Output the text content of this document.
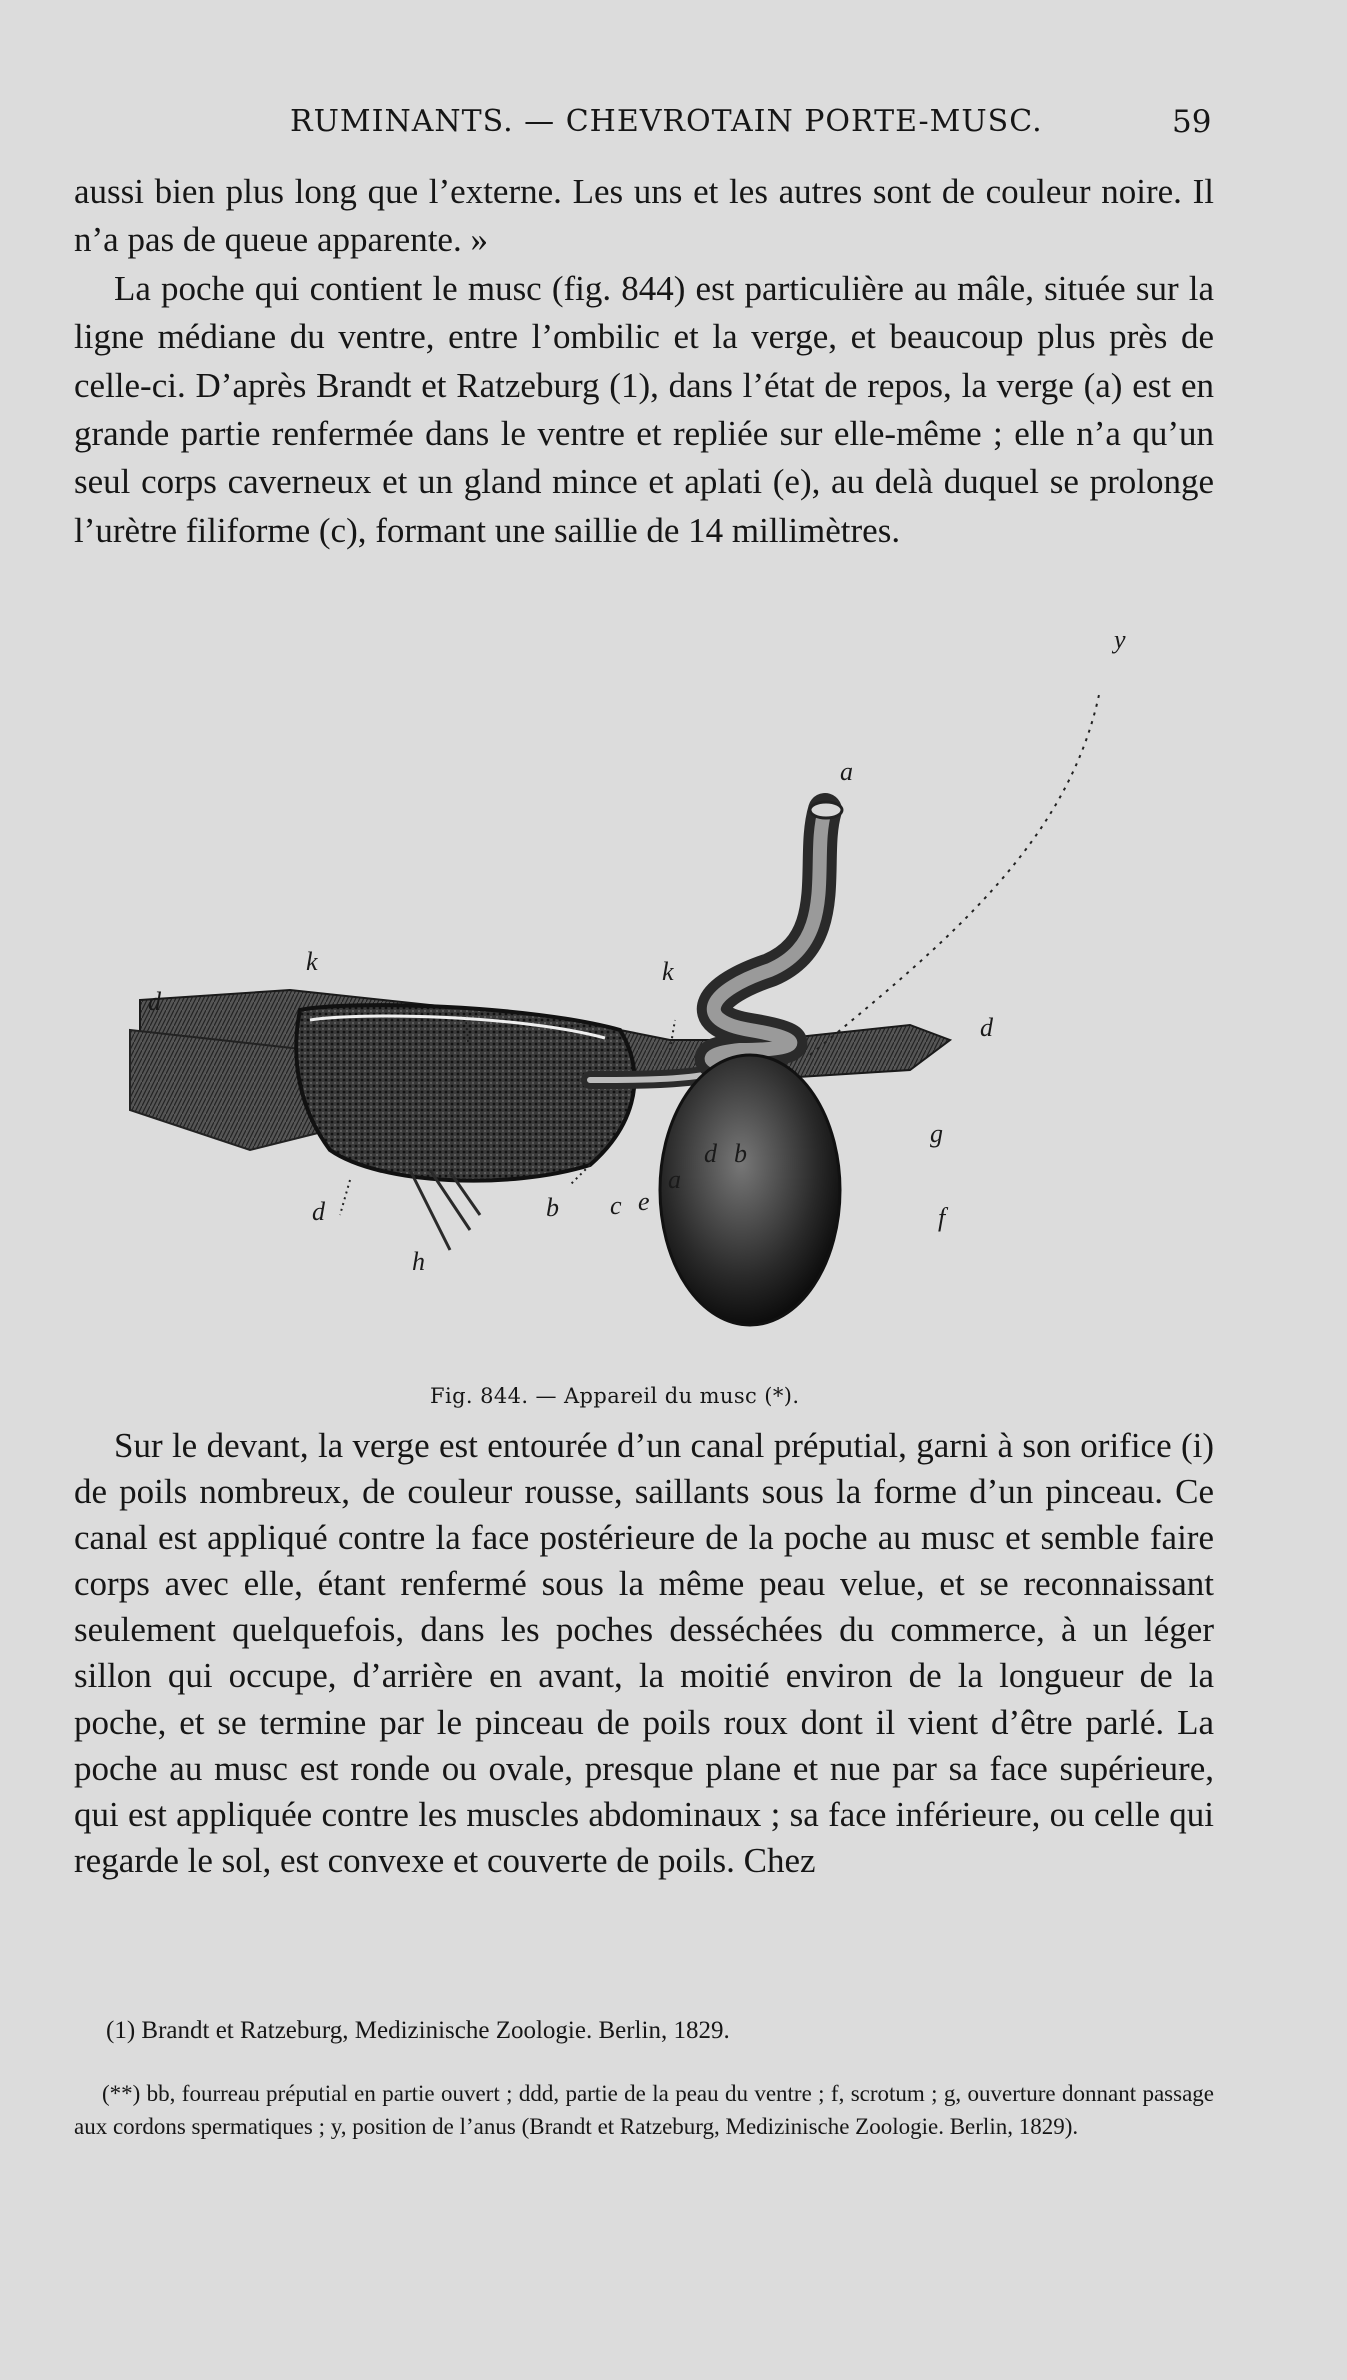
RUMINANTS. — CHEVROTAIN PORTE-MUSC.	59

aussi bien plus long que l’externe. Les uns et les autres sont de couleur noire. Il n’a pas de queue apparente. »

La poche qui contient le musc (fig. 844) est particulière au mâle, située sur la ligne médiane du ventre, entre l’ombilic et la verge, et beaucoup plus près de celle-ci. D’après Brandt et Ratzeburg (1), dans l’état de repos, la verge (a) est en grande partie renfermée dans le ventre et repliée sur elle-même ; elle n’a qu’un seul corps caverneux et un gland mince et aplati (e), au delà duquel se prolonge l’urètre filiforme (c), formant une saillie de 14 millimètres.

y
a
k	k
d
d
d
g
d b
a
c e
b	f
h
Fig. 844. — Appareil du musc (*).

Sur le devant, la verge est entourée d’un canal préputial, garni à son orifice (i) de poils nombreux, de couleur rousse, saillants sous la forme d’un pinceau. Ce canal est appliqué contre la face postérieure de la poche au musc et semble faire corps avec elle, étant renfermé sous la même peau velue, et se reconnaissant seulement quelquefois, dans les poches desséchées du commerce, à un léger sillon qui occupe, d’arrière en avant, la moitié environ de la longueur de la poche, et se termine par le pinceau de poils roux dont il vient d’être parlé. La poche au musc est ronde ou ovale, presque plane et nue par sa face supérieure, qui est appliquée contre les muscles abdominaux ; sa face inférieure, ou celle qui regarde le sol, est convexe et couverte de poils. Chez

(1) Brandt et Ratzeburg, Medizinische Zoologie. Berlin, 1829.

(**) bb, fourreau préputial en partie ouvert ; ddd, partie de la peau du ventre ; f, scrotum ; g, ouverture donnant passage aux cordons spermatiques ; y, position de l’anus (Brandt et Ratzeburg, Medizinische Zoologie. Berlin, 1829).
